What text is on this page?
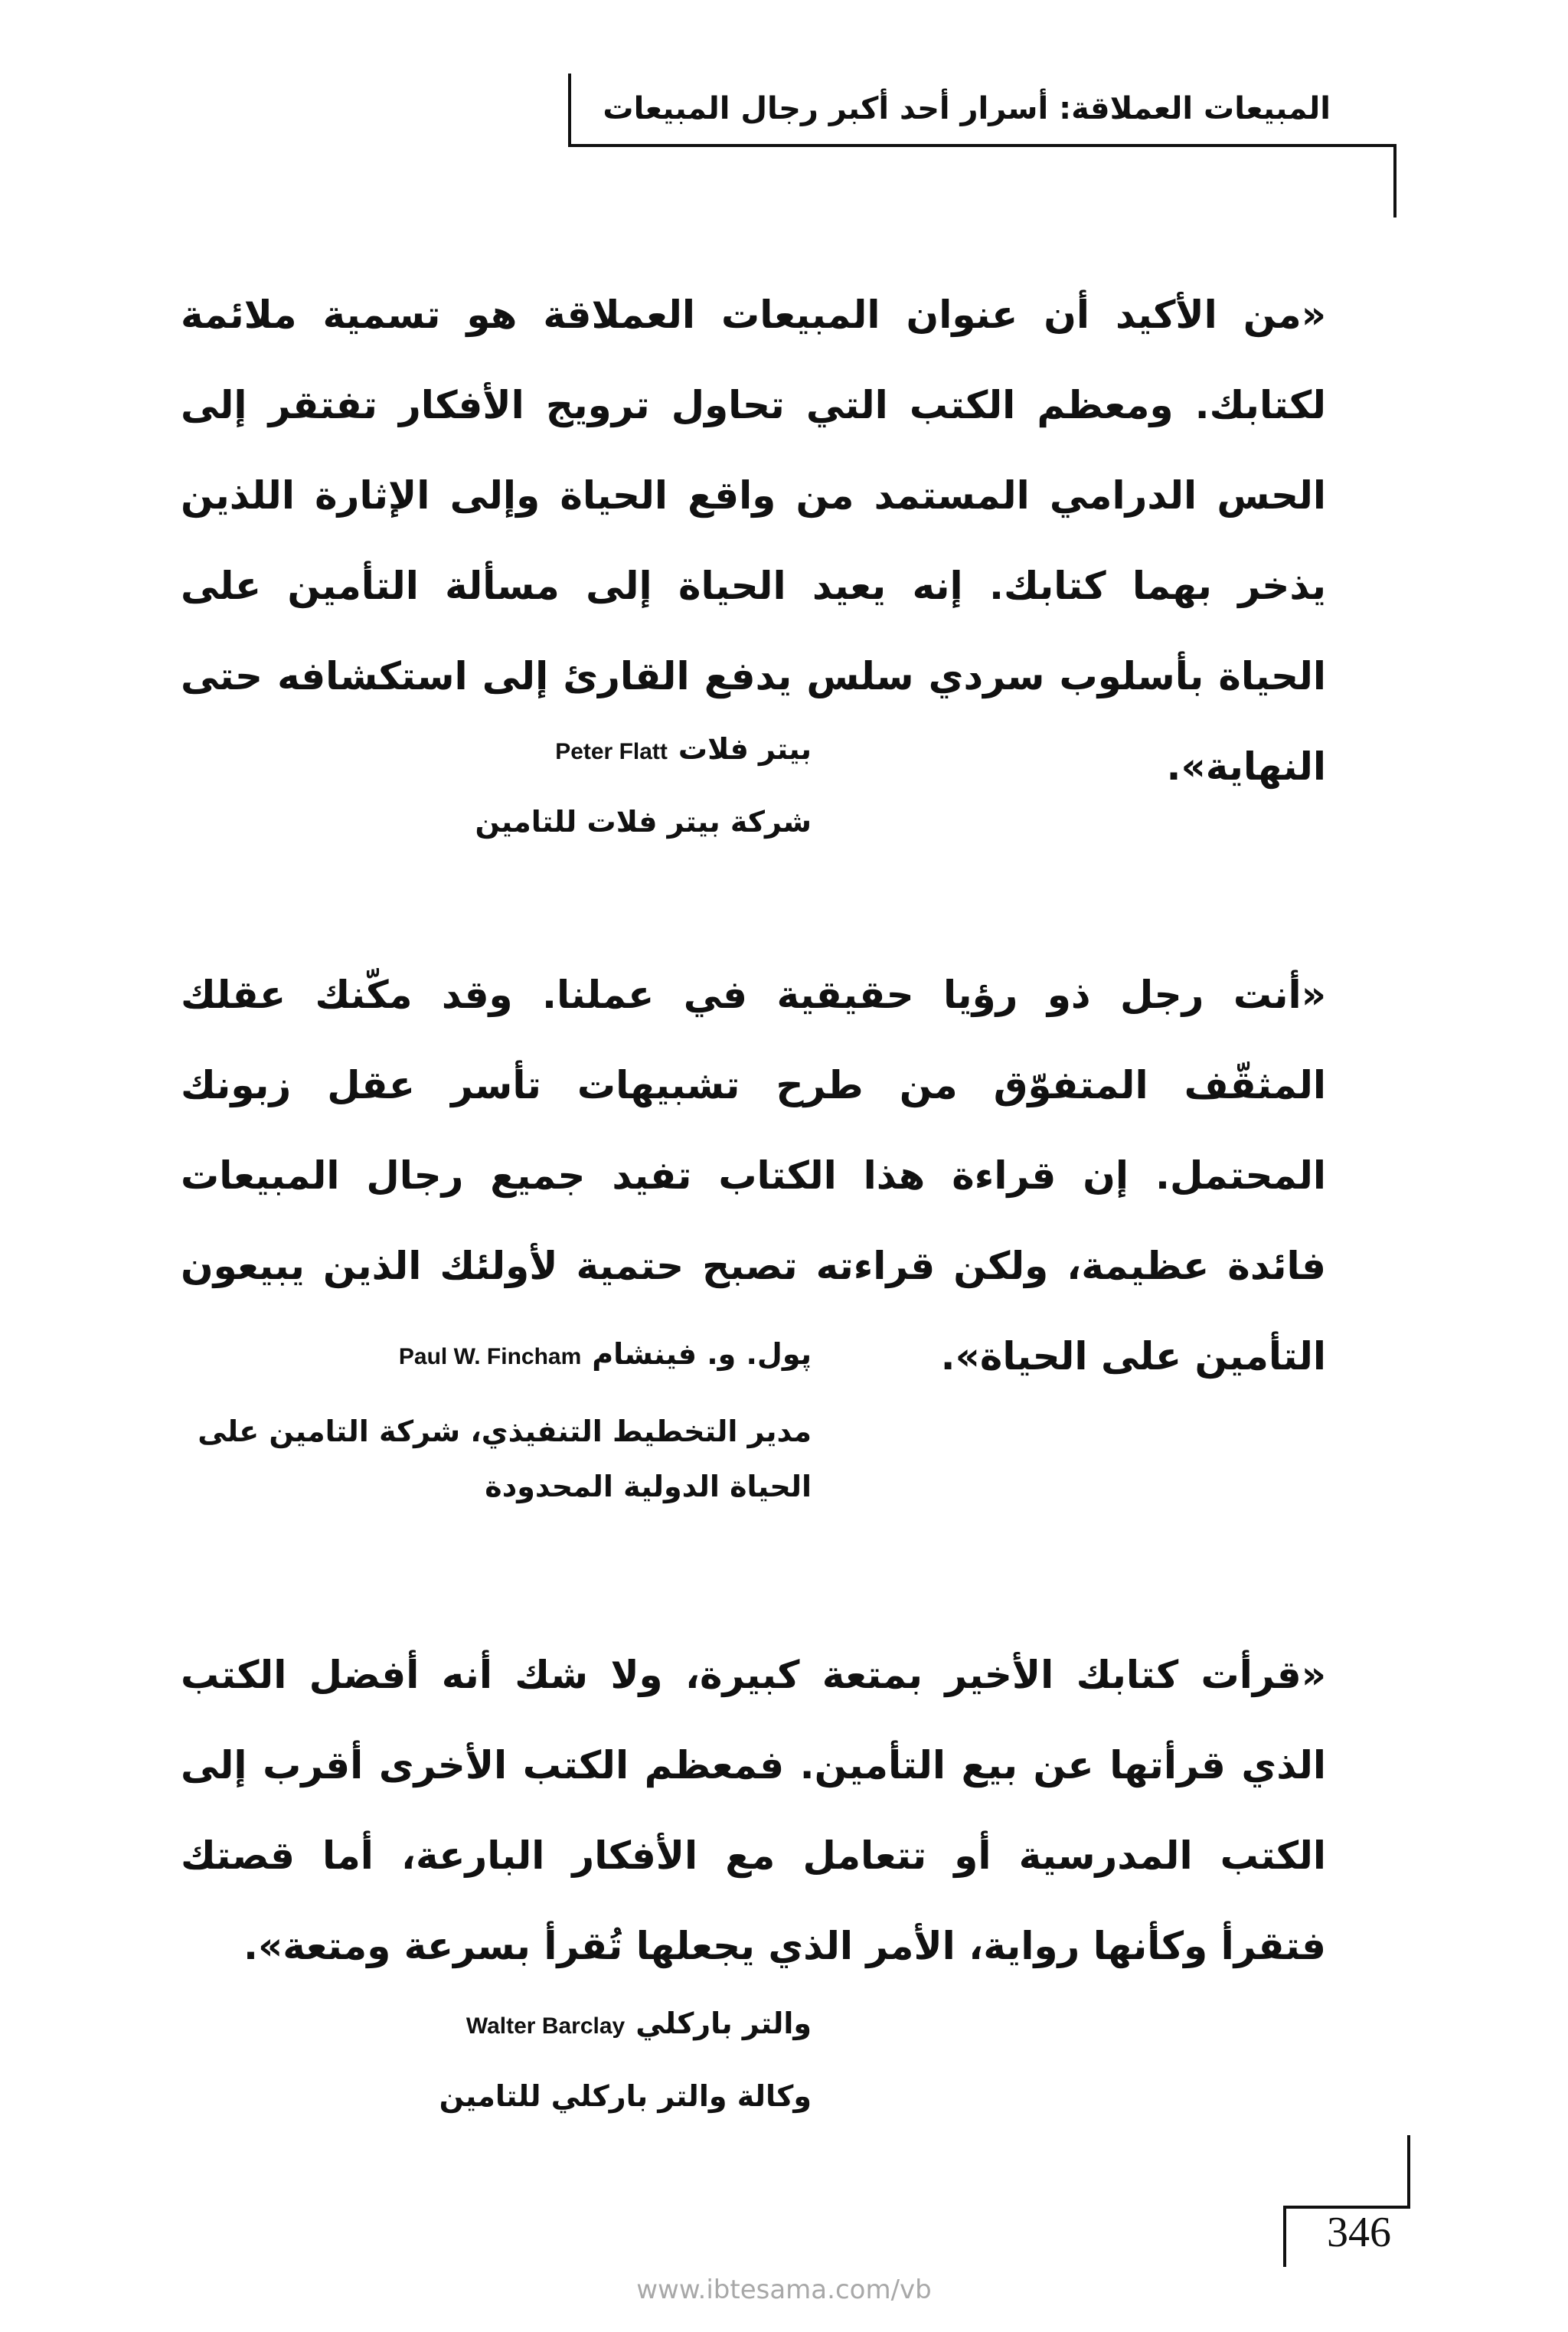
المبيعات العملاقة: أسرار أحد أكبر رجال المبيعات
«من الأكيد أن عنوان المبيعات العملاقة هو تسمية ملائمة لكتابك. ومعظم الكتب التي تحاول ترويج الأفكار تفتقر إلى الحس الدرامي المستمد من واقع الحياة وإلى الإثارة اللذين يذخر بهما كتابك. إنه يعيد الحياة إلى مسألة التأمين على الحياة بأسلوب سردي سلس يدفع القارئ إلى استكشافه حتى النهاية».
بيتر فلاتPeter Flatt
شركة بيتر فلات للتامين
«أنت رجل ذو رؤيا حقيقية في عملنا. وقد مكّنك عقلك المثقّف المتفوّق من طرح تشبيهات تأسر عقل زبونك المحتمل. إن قراءة هذا الكتاب تفيد جميع رجال المبيعات فائدة عظيمة، ولكن قراءته تصبح حتمية لأولئك الذين يبيعون التأمين على الحياة».
پول. و. فينشامPaul W. Fincham
مدير التخطيط التنفيذي، شركة التامين على
الحياة الدولية المحدودة
«قرأت كتابك الأخير بمتعة كبيرة، ولا شك أنه أفضل الكتب الذي قرأتها عن بيع التأمين. فمعظم الكتب الأخرى أقرب إلى الكتب المدرسية أو تتعامل مع الأفكار البارعة، أما قصتك فتقرأ وكأنها رواية، الأمر الذي يجعلها تُقرأ بسرعة ومتعة».
والتر باركليWalter Barclay
وكالة والتر باركلي للتامين
346
www.ibtesama.com/vb
